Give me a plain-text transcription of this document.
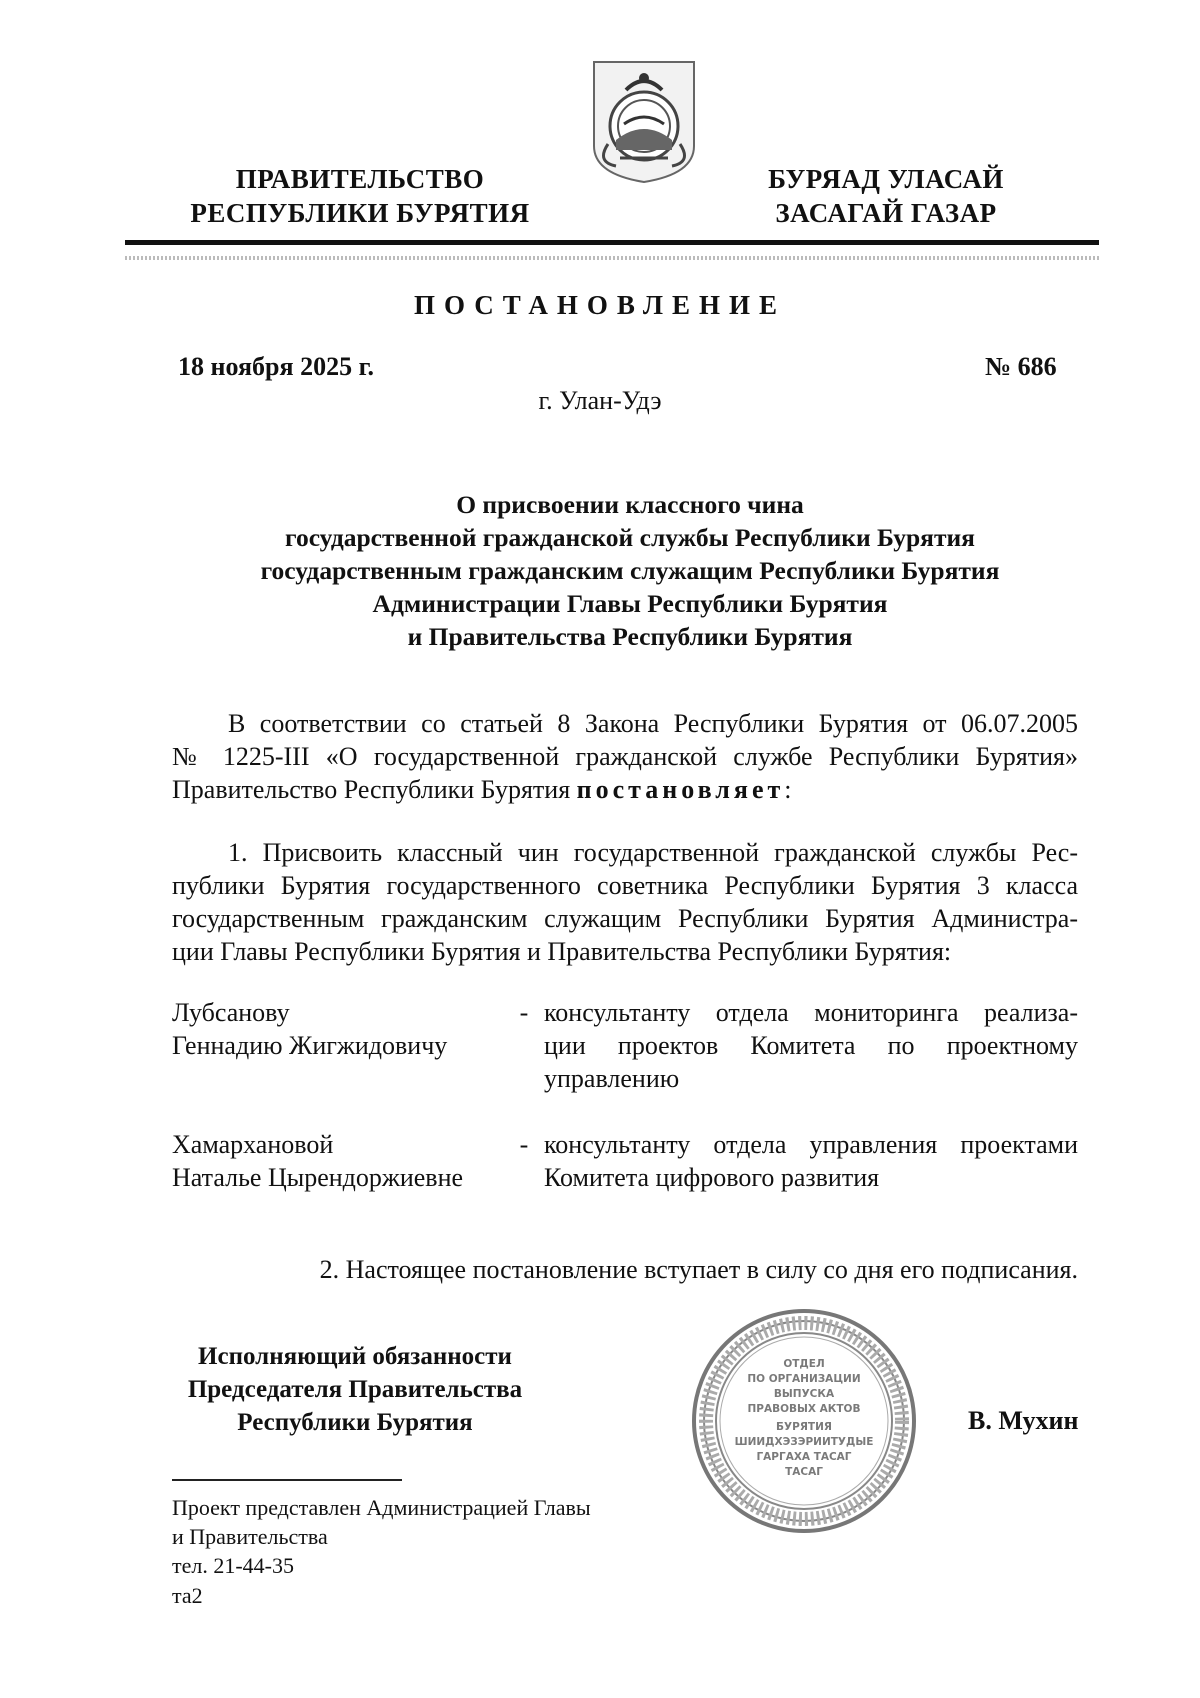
ПРАВИТЕЛЬСТВО
РЕСПУБЛИКИ БУРЯТИЯ
БУРЯАД УЛАСАЙ
ЗАСАГАЙ ГАЗАР
ПОСТАНОВЛЕНИЕ
18 ноября 2025 г.	№ 686
г. Улан-Удэ
О присвоении классного чина
государственной гражданской службы Республики Бурятия
государственным гражданским служащим Республики Бурятия
Администрации Главы Республики Бурятия
и Правительства Республики Бурятия
В соответствии со статьей 8 Закона Республики Бурятия от 06.07.2005
№ 1225-III «О государственной гражданской службе Республики Бурятия»
Правительство Республики Бурятия постановляет:
1. Присвоить классный чин государственной гражданской службы Рес-
публики Бурятия государственного советника Республики Бурятия 3 класса
государственным гражданским служащим Республики Бурятия Администра-
ции Главы Республики Бурятия и Правительства Республики Бурятия:
Лубсанову
Геннадию Жигжидовичу
- консультанту отдела мониторинга реализа-
ции проектов Комитета по проектному
управлению
Хамархановой
Наталье Цырендоржиевне
- консультанту отдела управления проектами
Комитета цифрового развития
2. Настоящее постановление вступает в силу со дня его подписания.
Исполняющий обязанности
Председателя Правительства
Республики Бурятия
ОТДЕЛ
ПО ОРГАНИЗАЦИИ
ВЫПУСКА
ПРАВОВЫХ АКТОВ
БУРЯТИЯ
ШИИДХЭЗЭРИИТУДЫЕ
ГАРГАХА ТАСАГ
ТАСАГ
В. Мухин
Проект представлен Администрацией Главы
и Правительства
тел. 21-44-35
та2
